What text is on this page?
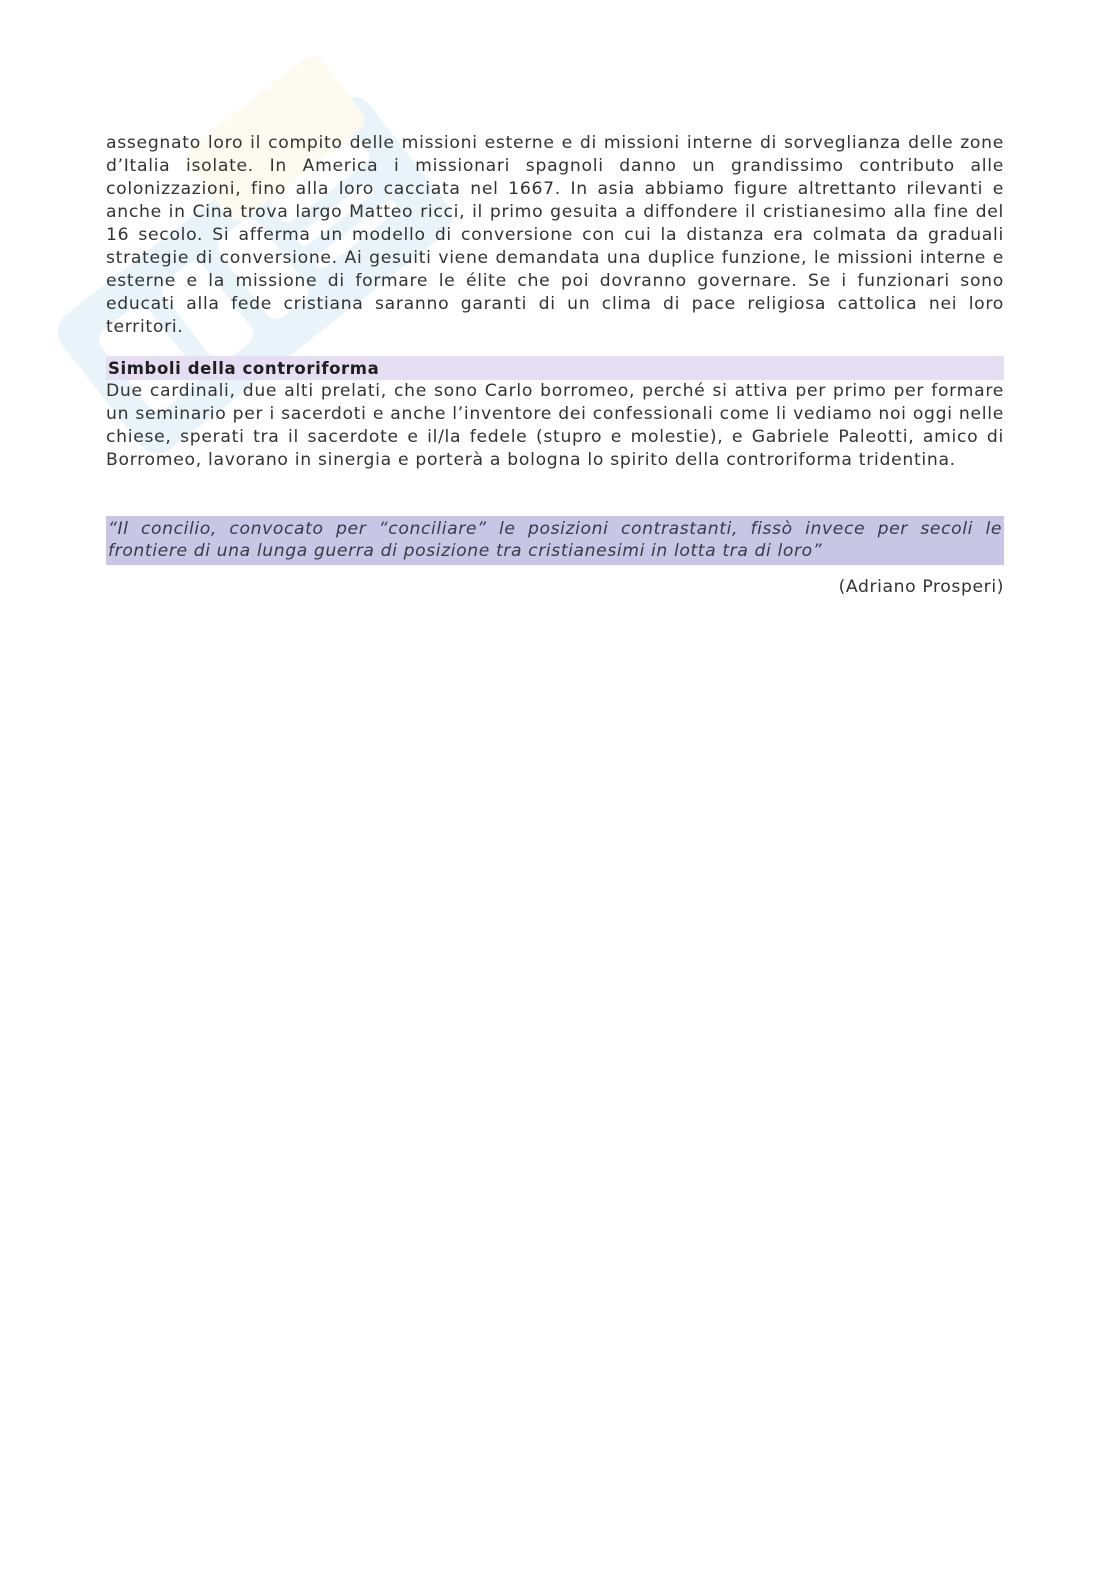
assegnato loro il compito delle missioni esterne e di missioni interne di sorveglianza delle zone d’Italia isolate. In America i missionari spagnoli danno un grandissimo contributo alle colonizzazioni, fino alla loro cacciata nel 1667. In asia abbiamo figure altrettanto rilevanti e anche in Cina trova largo Matteo ricci, il primo gesuita a diffondere il cristianesimo alla fine del 16 secolo. Si afferma un modello di conversione con cui la distanza era colmata da graduali strategie di conversione. Ai gesuiti viene demandata una duplice funzione, le missioni interne e esterne e la missione di formare le élite che poi dovranno governare. Se i funzionari sono educati alla fede cristiana saranno garanti di un clima di pace religiosa cattolica nei loro territori.

Simboli della controriforma

Due cardinali, due alti prelati, che sono Carlo borromeo, perché si attiva per primo per formare un seminario per i sacerdoti e anche l’inventore dei confessionali come li vediamo noi oggi nelle chiese, sperati tra il sacerdote e il/la fedele (stupro e molestie), e Gabriele Paleotti, amico di Borromeo, lavorano in sinergia e porterà a bologna lo spirito della controriforma tridentina.

“Il concilio, convocato per “conciliare” le posizioni contrastanti, fissò invece per secoli le frontiere di una lunga guerra di posizione tra cristianesimi in lotta tra di loro”

(Adriano Prosperi)
